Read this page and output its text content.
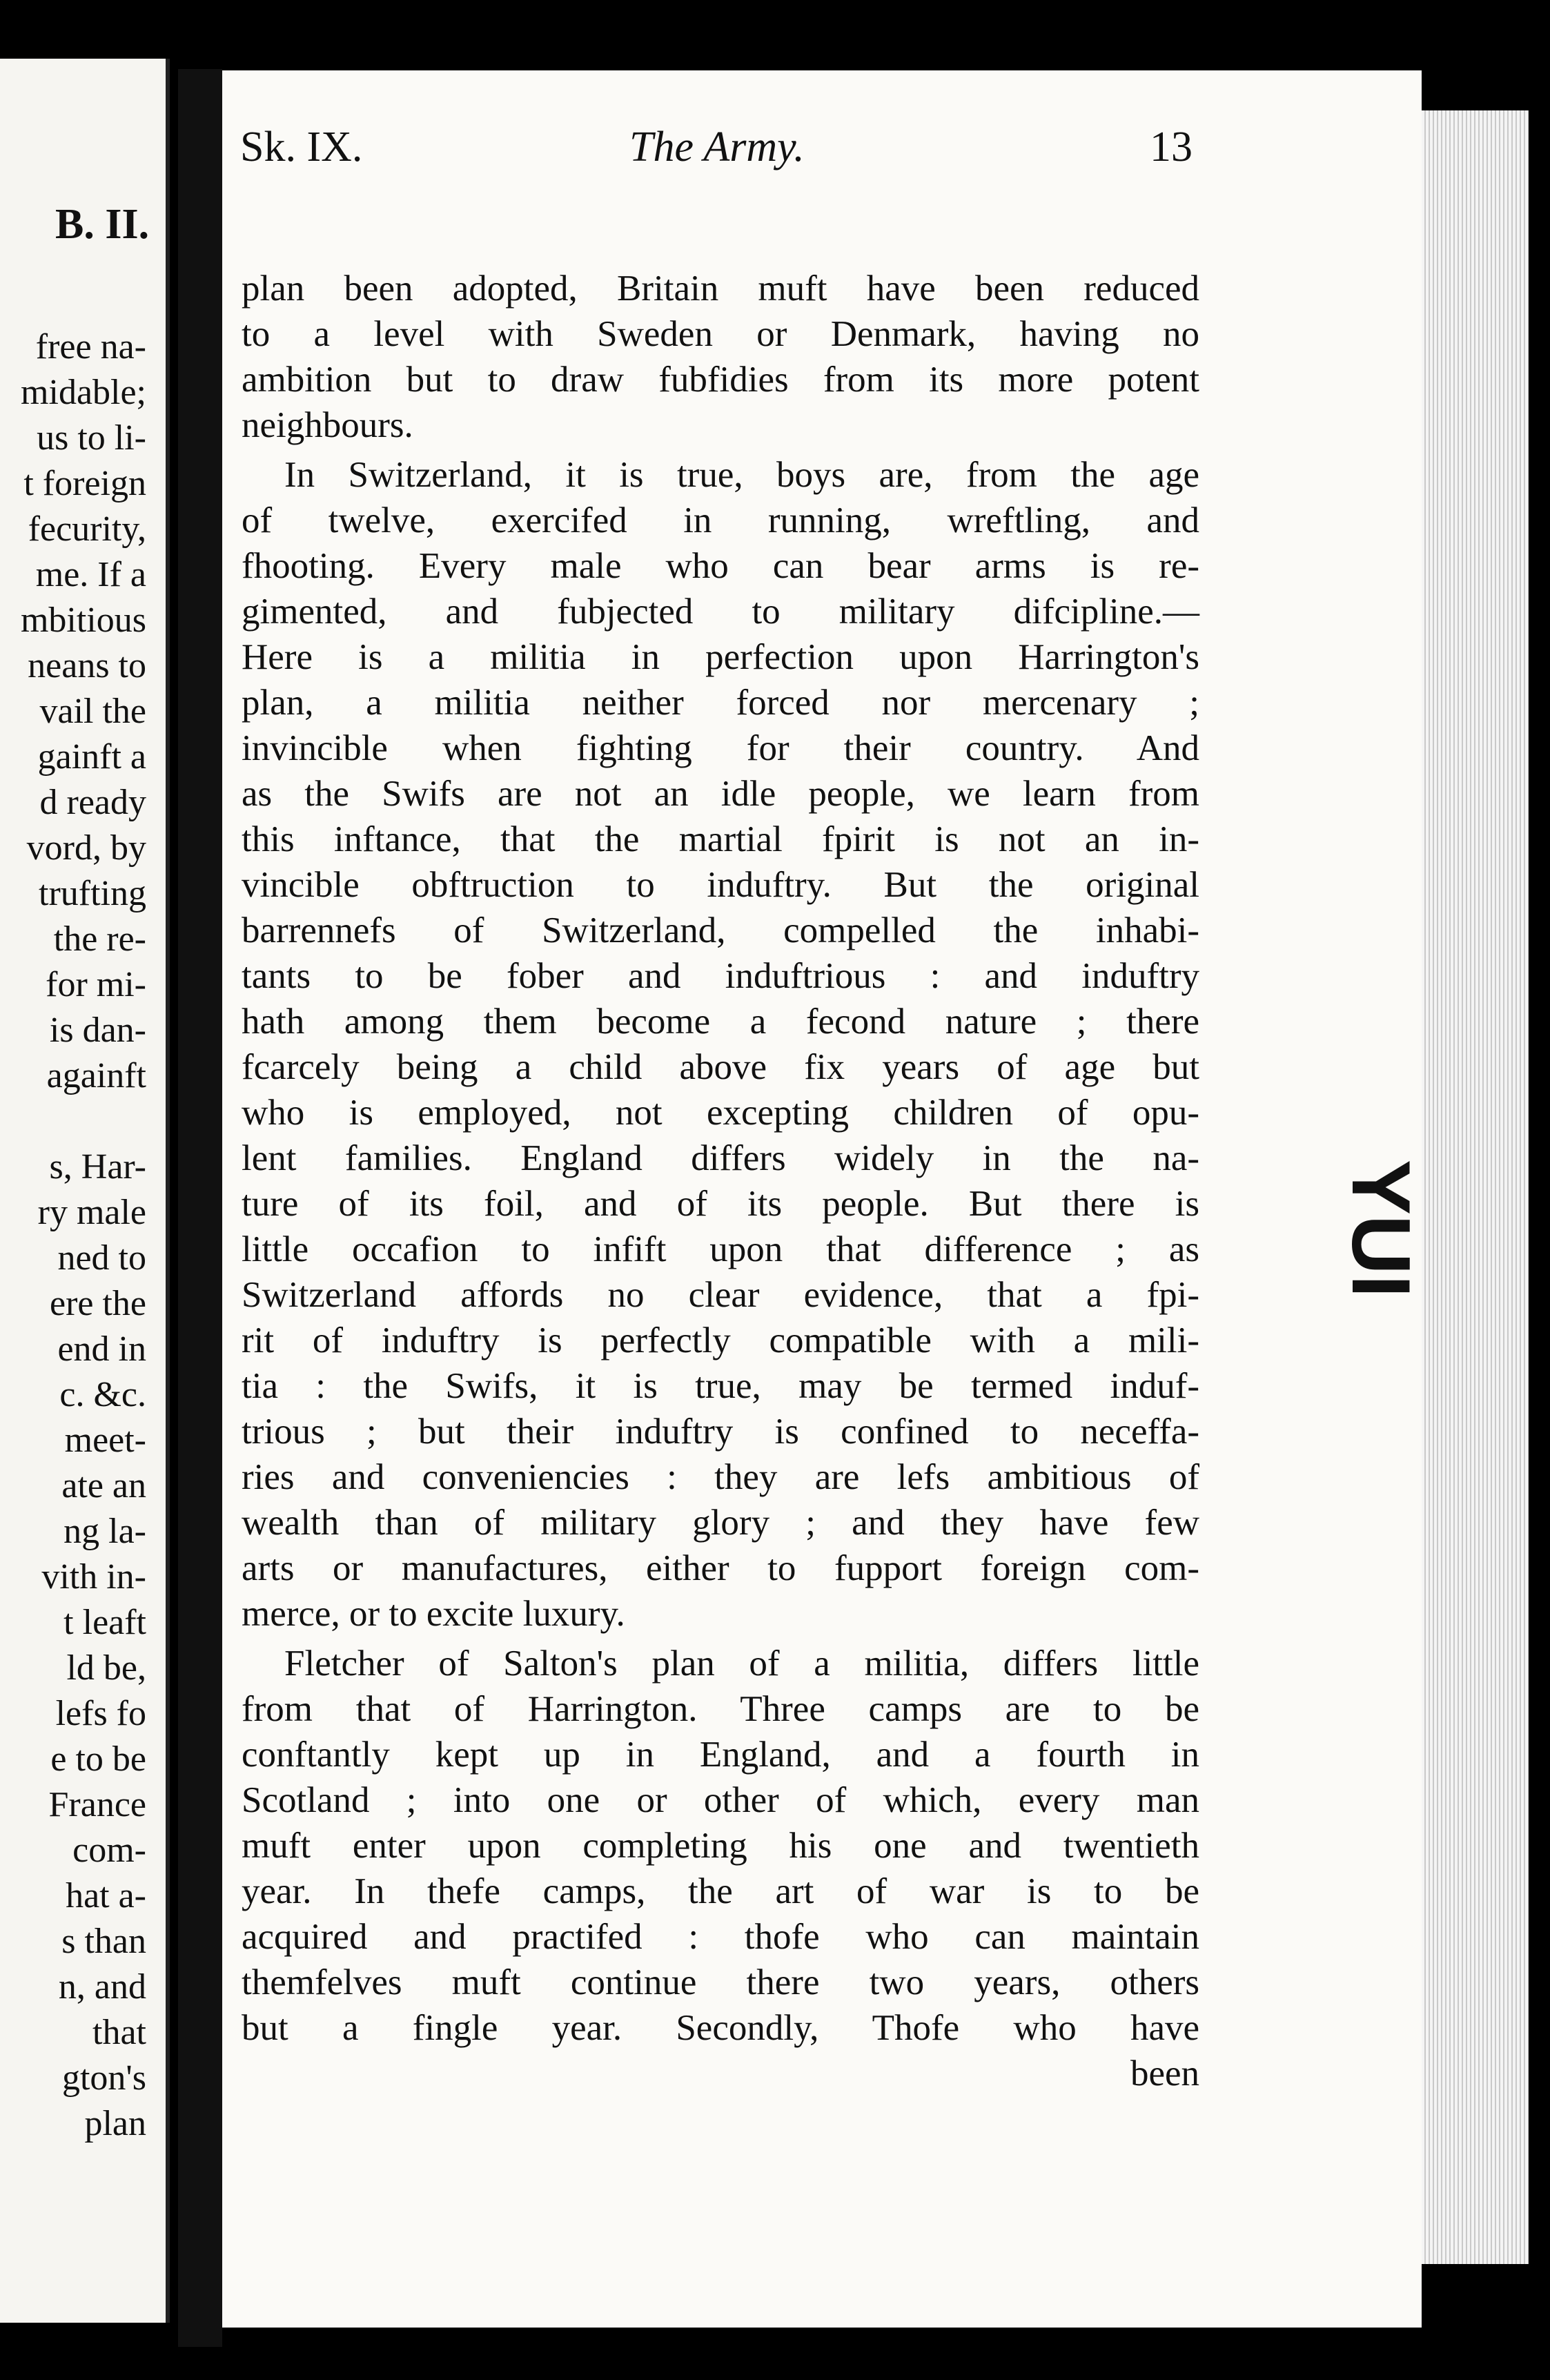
B. II.
free na-
midable;
us to li-
t foreign
fecurity,
me. If a
mbitious
neans to
vail the
gainft a
d ready
vord, by
trufting
the re-
for mi-
is dan-
againft

s, Har-
ry male
ned to
ere the
end in
c. &c.
meet-
ate an
ng la-
vith in-
t leaft
ld be,
lefs fo
e to be
France
com-
hat a-
s than
n, and
that
gton's
plan
YUI
Sk. IX.	The Army.	13
plan been adopted, Britain muft have been reduced
to a level with Sweden or Denmark, having no
ambition but to draw fubfidies from its more potent
neighbours.
In Switzerland, it is true, boys are, from the age
of twelve, exercifed in running, wreftling, and
fhooting. Every male who can bear arms is re-
gimented, and fubjected to military difcipline.—
Here is a militia in perfection upon Harrington's
plan, a militia neither forced nor mercenary ;
invincible when fighting for their country. And
as the Swifs are not an idle people, we learn from
this inftance, that the martial fpirit is not an in-
vincible obftruction to induftry. But the original
barrennefs of Switzerland, compelled the inhabi-
tants to be fober and induftrious : and induftry
hath among them become a fecond nature ; there
fcarcely being a child above fix years of age but
who is employed, not excepting children of opu-
lent families. England differs widely in the na-
ture of its foil, and of its people. But there is
little occafion to infift upon that difference ; as
Switzerland affords no clear evidence, that a fpi-
rit of induftry is perfectly compatible with a mili-
tia : the Swifs, it is true, may be termed induf-
trious ; but their induftry is confined to neceffa-
ries and conveniencies : they are lefs ambitious of
wealth than of military glory ; and they have few
arts or manufactures, either to fupport foreign com-
merce, or to excite luxury.
Fletcher of Salton's plan of a militia, differs little
from that of Harrington. Three camps are to be
conftantly kept up in England, and a fourth in
Scotland ; into one or other of which, every man
muft enter upon completing his one and twentieth
year. In thefe camps, the art of war is to be
acquired and practifed : thofe who can maintain
themfelves muft continue there two years, others
but a fingle year. Secondly, Thofe who have
been
